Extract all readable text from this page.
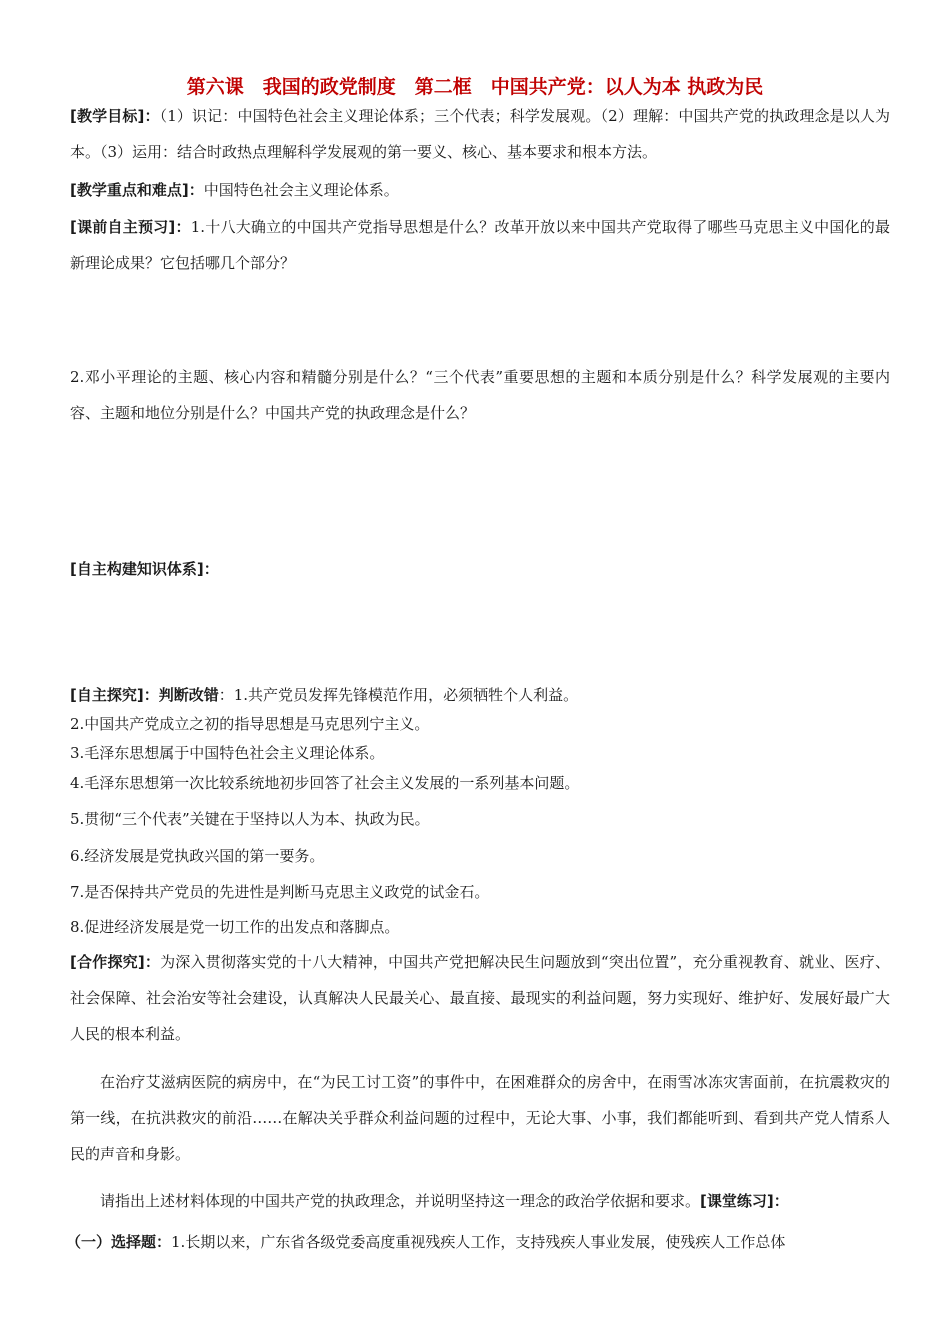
第六课　我国的政党制度　第二框　中国共产党：以人为本 执政为民
[教学目标]：（1）识记：中国特色社会主义理论体系；三个代表；科学发展观。（2）理解：中国共产党的执政理念是以人为本。（3）运用：结合时政热点理解科学发展观的第一要义、核心、基本要求和根本方法。
[教学重点和难点]：中国特色社会主义理论体系。
[课前自主预习]：1.十八大确立的中国共产党指导思想是什么？改革开放以来中国共产党取得了哪些马克思主义中国化的最新理论成果？它包括哪几个部分？
2.邓小平理论的主题、核心内容和精髓分别是什么？“三个代表”重要思想的主题和本质分别是什么？科学发展观的主要内容、主题和地位分别是什么？中国共产党的执政理念是什么？
[自主构建知识体系]：
[自主探究]：判断改错：1.共产党员发挥先锋模范作用，必须牺牲个人利益。
2.中国共产党成立之初的指导思想是马克思列宁主义。
3.毛泽东思想属于中国特色社会主义理论体系。
4.毛泽东思想第一次比较系统地初步回答了社会主义发展的一系列基本问题。
5.贯彻“三个代表”关键在于坚持以人为本、执政为民。
6.经济发展是党执政兴国的第一要务。
7.是否保持共产党员的先进性是判断马克思主义政党的试金石。
8.促进经济发展是党一切工作的出发点和落脚点。
[合作探究]：为深入贯彻落实党的十八大精神，中国共产党把解决民生问题放到“突出位置”，充分重视教育、就业、医疗、社会保障、社会治安等社会建设，认真解决人民最关心、最直接、最现实的利益问题，努力实现好、维护好、发展好最广大人民的根本利益。
在治疗艾滋病医院的病房中，在“为民工讨工资”的事件中，在困难群众的房舍中，在雨雪冰冻灾害面前，在抗震救灾的第一线，在抗洪救灾的前沿……在解决关乎群众利益问题的过程中，无论大事、小事，我们都能听到、看到共产党人情系人民的声音和身影。
请指出上述材料体现的中国共产党的执政理念，并说明坚持这一理念的政治学依据和要求。[课堂练习]：
（一）选择题：1.长期以来，广东省各级党委高度重视残疾人工作，支持残疾人事业发展，使残疾人工作总体
